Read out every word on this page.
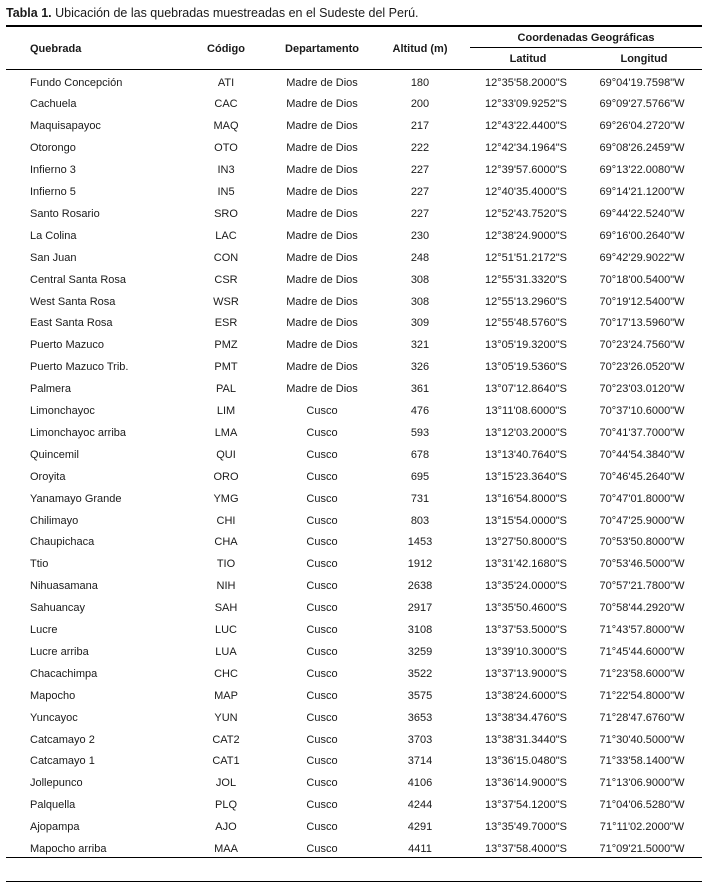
Tabla 1. Ubicación de las quebradas muestreadas en el Sudeste del Perú.
Quebrada	Código	Departamento	Altitud (m)
Coordenadas Geográficas
Latitud	Longitud
Fundo Concepción	ATI	Madre de Dios	180	12°35'58.2000"S	69°04'19.7598"W
Cachuela	CAC	Madre de Dios	200	12°33'09.9252"S	69°09'27.5766"W
Maquisapayoc	MAQ	Madre de Dios	217	12°43'22.4400"S	69°26'04.2720"W
Otorongo	OTO	Madre de Dios	222	12°42'34.1964"S	69°08'26.2459"W
Infierno 3	IN3	Madre de Dios	227	12°39'57.6000"S	69°13'22.0080"W
Infierno 5	IN5	Madre de Dios	227	12°40'35.4000"S	69°14'21.1200"W
Santo Rosario	SRO	Madre de Dios	227	12°52'43.7520"S	69°44'22.5240"W
La Colina	LAC	Madre de Dios	230	12°38'24.9000"S	69°16'00.2640"W
San Juan	CON	Madre de Dios	248	12°51'51.2172"S	69°42'29.9022"W
Central Santa Rosa	CSR	Madre de Dios	308	12°55'31.3320"S	70°18'00.5400"W
West Santa Rosa	WSR	Madre de Dios	308	12°55'13.2960"S	70°19'12.5400"W
East Santa Rosa	ESR	Madre de Dios	309	12°55'48.5760"S	70°17'13.5960"W
Puerto Mazuco	PMZ	Madre de Dios	321	13°05'19.3200"S	70°23'24.7560"W
Puerto Mazuco Trib.	PMT	Madre de Dios	326	13°05'19.5360"S	70°23'26.0520"W
Palmera	PAL	Madre de Dios	361	13°07'12.8640"S	70°23'03.0120"W
Limonchayoc	LIM	Cusco	476	13°11'08.6000"S	70°37'10.6000"W
Limonchayoc arriba	LMA	Cusco	593	13°12'03.2000"S	70°41'37.7000"W
Quincemil	QUI	Cusco	678	13°13'40.7640"S	70°44'54.3840"W
Oroyita	ORO	Cusco	695	13°15'23.3640"S	70°46'45.2640"W
Yanamayo Grande	YMG	Cusco	731	13°16'54.8000"S	70°47'01.8000"W
Chilimayo	CHI	Cusco	803	13°15'54.0000"S	70°47'25.9000"W
Chaupichaca	CHA	Cusco	1453	13°27'50.8000"S	70°53'50.8000"W
Ttio	TIO	Cusco	1912	13°31'42.1680"S	70°53'46.5000"W
Nihuasamana	NIH	Cusco	2638	13°35'24.0000"S	70°57'21.7800"W
Sahuancay	SAH	Cusco	2917	13°35'50.4600"S	70°58'44.2920"W
Lucre	LUC	Cusco	3108	13°37'53.5000"S	71°43'57.8000"W
Lucre arriba	LUA	Cusco	3259	13°39'10.3000"S	71°45'44.6000"W
Chacachimpa	CHC	Cusco	3522	13°37'13.9000"S	71°23'58.6000"W
Mapocho	MAP	Cusco	3575	13°38'24.6000"S	71°22'54.8000"W
Yuncayoc	YUN	Cusco	3653	13°38'34.4760"S	71°28'47.6760"W
Catcamayo 2	CAT2	Cusco	3703	13°38'31.3440"S	71°30'40.5000"W
Catcamayo 1	CAT1	Cusco	3714	13°36'15.0480"S	71°33'58.1400"W
Jollepunco	JOL	Cusco	4106	13°36'14.9000"S	71°13'06.9000"W
Palquella	PLQ	Cusco	4244	13°37'54.1200"S	71°04'06.5280"W
Ajopampa	AJO	Cusco	4291	13°35'49.7000"S	71°11'02.2000"W
Mapocho arriba	MAA	Cusco	4411	13°37'58.4000"S	71°09'21.5000"W
